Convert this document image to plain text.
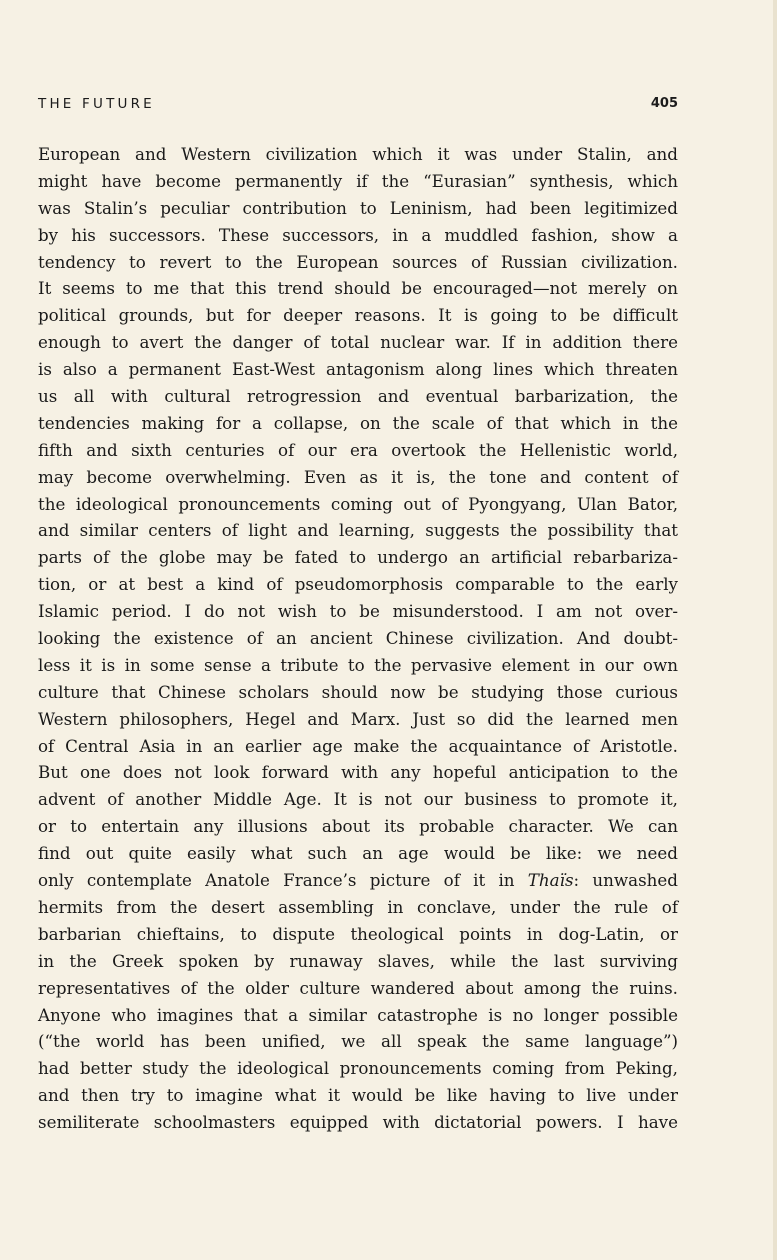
THE FUTURE	405
European and Western civilization which it was under Stalin, and
might have become permanently if the “Eurasian” synthesis, which
was Stalin’s peculiar contribution to Leninism, had been legitimized
by his successors. These successors, in a muddled fashion, show a
tendency to revert to the European sources of Russian civilization.
It seems to me that this trend should be encouraged—not merely on
political grounds, but for deeper reasons. It is going to be difficult
enough to avert the danger of total nuclear war. If in addition there
is also a permanent East-West antagonism along lines which threaten
us all with cultural retrogression and eventual barbarization, the
tendencies making for a collapse, on the scale of that which in the
fifth and sixth centuries of our era overtook the Hellenistic world,
may become overwhelming. Even as it is, the tone and content of
the ideological pronouncements coming out of Pyongyang, Ulan Bator,
and similar centers of light and learning, suggests the possibility that
parts of the globe may be fated to undergo an artificial rebarbariza-
tion, or at best a kind of pseudomorphosis comparable to the early
Islamic period. I do not wish to be misunderstood. I am not over-
looking the existence of an ancient Chinese civilization. And doubt-
less it is in some sense a tribute to the pervasive element in our own
culture that Chinese scholars should now be studying those curious
Western philosophers, Hegel and Marx. Just so did the learned men
of Central Asia in an earlier age make the acquaintance of Aristotle.
But one does not look forward with any hopeful anticipation to the
advent of another Middle Age. It is not our business to promote it,
or to entertain any illusions about its probable character. We can
find out quite easily what such an age would be like: we need
only contemplate Anatole France’s picture of it in Thaïs: unwashed
hermits from the desert assembling in conclave, under the rule of
barbarian chieftains, to dispute theological points in dog-Latin, or
in the Greek spoken by runaway slaves, while the last surviving
representatives of the older culture wandered about among the ruins.
Anyone who imagines that a similar catastrophe is no longer possible
(“the world has been unified, we all speak the same language”)
had better study the ideological pronouncements coming from Peking,
and then try to imagine what it would be like having to live under
semiliterate schoolmasters equipped with dictatorial powers. I have
